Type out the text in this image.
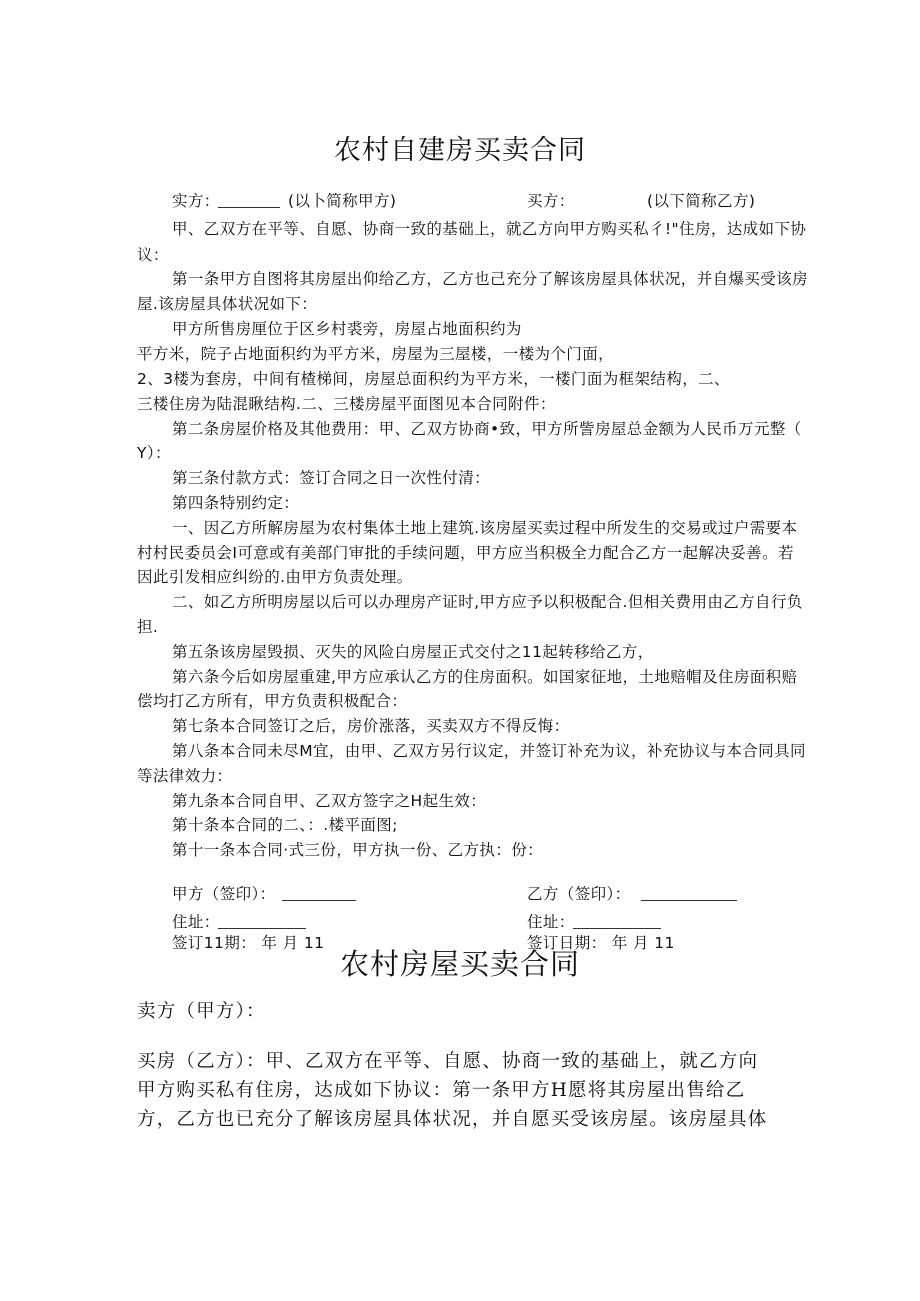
农村自建房买卖合同
实方：	(以卜简称甲方)	买方：	(以下简称乙方)
甲、乙双方在平等、自愿、协商一致的基础上，就乙方向甲方购买私彳!"住房，达成如下协
议：
第一条甲方自图将其房屋出仰给乙方，乙方也己充分了解该房屋具体状况，并自爆买受该房
屋.该房屋具体状况如下：
甲方所售房厘位于区乡村裘旁，房屋占地面积约为
平方米，院子占地面积约为平方米，房屋为三屋楼，一楼为个门面，
2、3楼为套房，中间有楂梯间，房屋总面积约为平方米，一楼门面为框架结构，二、
三楼住房为陆混瞅结构.二、三楼房屋平面图见本合同附件：
第二条房屋价格及其他费用：甲、乙双方协商•致，甲方所訾房屋总金额为人民币万元整（
Y）：
第三条付款方式：签订合同之日一次性付清：
第四条特别约定：
一、因乙方所解房屋为农村集体土地上建筑.该房屋买卖过程中所发生的交易或过户需要本
村村民委员会I可意或有美部门审批的手续问题，甲方应当积极全力配合乙方一起解决妥善。若
因此引发相应纠纷的.由甲方负责处理。
二、如乙方所明房屋以后可以办理房产证时,甲方应予以积极配合.但相关费用由乙方自行负
担.
第五条该房屋毁损、灭失的风险白房屋正式交付之11起转移给乙方，
第六条今后如房屋重建,甲方应承认乙方的住房面积。如国家征地，土地赔帽及住房面积赔
偿均打乙方所有，甲方负责积极配合：
第七条本合同签订之后，房价涨落，买卖双方不得反悔：
第八条本合同未尽M宜，由甲、乙双方另行议定，并签订补充为议，补充协议与本合同具同
等法律效力：
第九条本合同自甲、乙双方签字之H起生效：
第十条本合同的二、：.楼平面图;
第十一条本合同·式三份，甲方执一份、乙方执：份：
甲方（签印）：	乙方（签印）：
住址：	住址：
签订11期： 年 月 11	签订日期： 年 月 11
农村房屋买卖合同
卖方（甲方）：
买房（乙方）：甲、乙双方在平等、自愿、协商一致的基础上，就乙方向
甲方购买私有住房，达成如下协议：第一条甲方H愿将其房屋出售给乙
方，乙方也已充分了解该房屋具体状况，并自愿买受该房屋。该房屋具体
